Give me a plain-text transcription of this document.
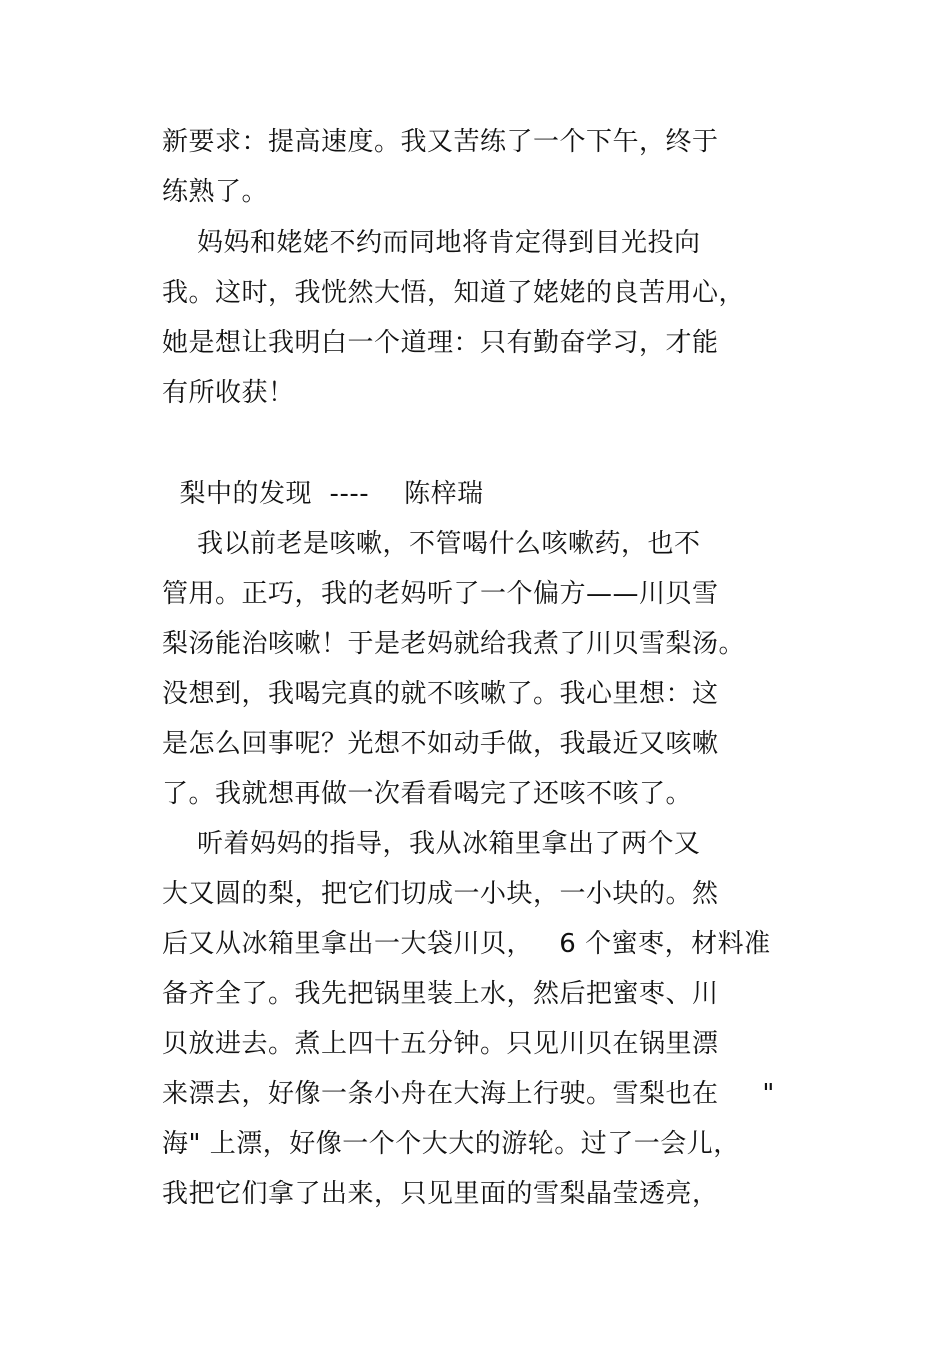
新要求：提高速度。我又苦练了一个下午，终于
练熟了。
妈妈和姥姥不约而同地将肯定得到目光投向
我。这时，我恍然大悟，知道了姥姥的良苦用心，
她是想让我明白一个道理：只有勤奋学习，才能
有所收获！
梨中的发现  ----    陈梓瑞
我以前老是咳嗽，不管喝什么咳嗽药，也不
管用。正巧，我的老妈听了一个偏方——川贝雪
梨汤能治咳嗽！于是老妈就给我煮了川贝雪梨汤。
没想到，我喝完真的就不咳嗽了。我心里想：这
是怎么回事呢？光想不如动手做，我最近又咳嗽
了。我就想再做一次看看喝完了还咳不咳了。
听着妈妈的指导，我从冰箱里拿出了两个又
大又圆的梨，把它们切成一小块，一小块的。然
后又从冰箱里拿出一大袋川贝，   6 个蜜枣，材料准
备齐全了。我先把锅里装上水，然后把蜜枣、川
贝放进去。煮上四十五分钟。只见川贝在锅里漂
来漂去，好像一条小舟在大海上行驶。雪梨也在     "
海" 上漂，好像一个个大大的游轮。过了一会儿，
我把它们拿了出来，只见里面的雪梨晶莹透亮，
